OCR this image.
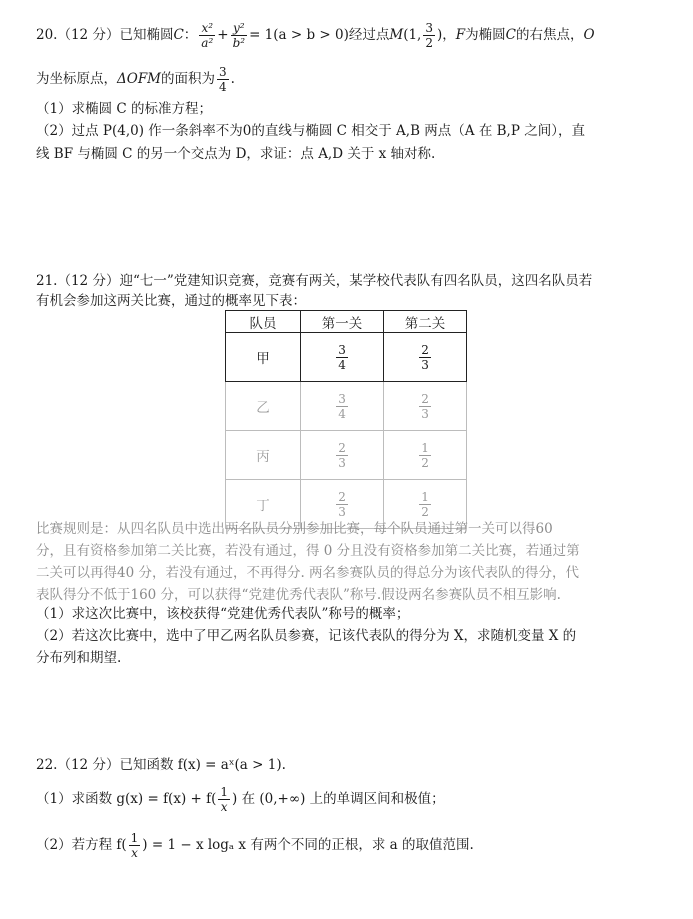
20.（12 分）已知椭圆C： $\frac{\text{x²}}{\text{a²}} + \frac{\text{y²}}{\text{b²}} = 1(a > b > 0)$经过点M(1, $\frac{3}{2}$ )，F为椭圆C的右焦点，O
为坐标原点，ΔOFM的面积为 $\frac{3}{4}$ .
（1）求椭圆 C 的标准方程；
（2）过点 P(4,0) 作一条斜率不为0的直线与椭圆 C 相交于 A,B 两点（A 在 B,P 之间），直
线 BF 与椭圆 C 的另一个交点为 D，求证：点 A,D 关于 x 轴对称.
21.（12 分）迎“七一”党建知识竞赛，竞赛有两关，某学校代表队有四名队员，这四名队员若
有机会参加这两关比赛，通过的概率见下表：
队员	第一关	第二关
甲	$\frac{3}{4}$	$\frac{2}{3}$

乙	$\frac{3}{4}$	$\frac{2}{3}$

丙	$\frac{2}{3}$	$\frac{1}{2}$

丁	$\frac{2}{3}$	$\frac{1}{2}$
比赛规则是：从四名队员中选出两名队员分别参加比赛，每个队员通过第一关可以得60
分，且有资格参加第二关比赛，若没有通过，得 0 分且没有资格参加第二关比赛，若通过第
二关可以再得40 分，若没有通过，不再得分. 两名参赛队员的得总分为该代表队的得分，代
表队得分不低于160 分，可以获得“党建优秀代表队”称号.假设两名参赛队员不相互影响.
（1）求这次比赛中，该校获得“党建优秀代表队”称号的概率；
（2）若这次比赛中，选中了甲乙两名队员参赛，记该代表队的得分为 X，求随机变量 X 的
分布列和期望.
22.（12 分）已知函数 f(x) = aˣ(a > 1).
（1）求函数 $g(x) = f(x) + f( \frac{1}{x}$ ) 在 (0,+∞) 上的单调区间和极值；
（2）若方程 $f( \frac{1}{x}$ ) = 1 − x logₐ x 有两个不同的正根，求 a 的取值范围.
